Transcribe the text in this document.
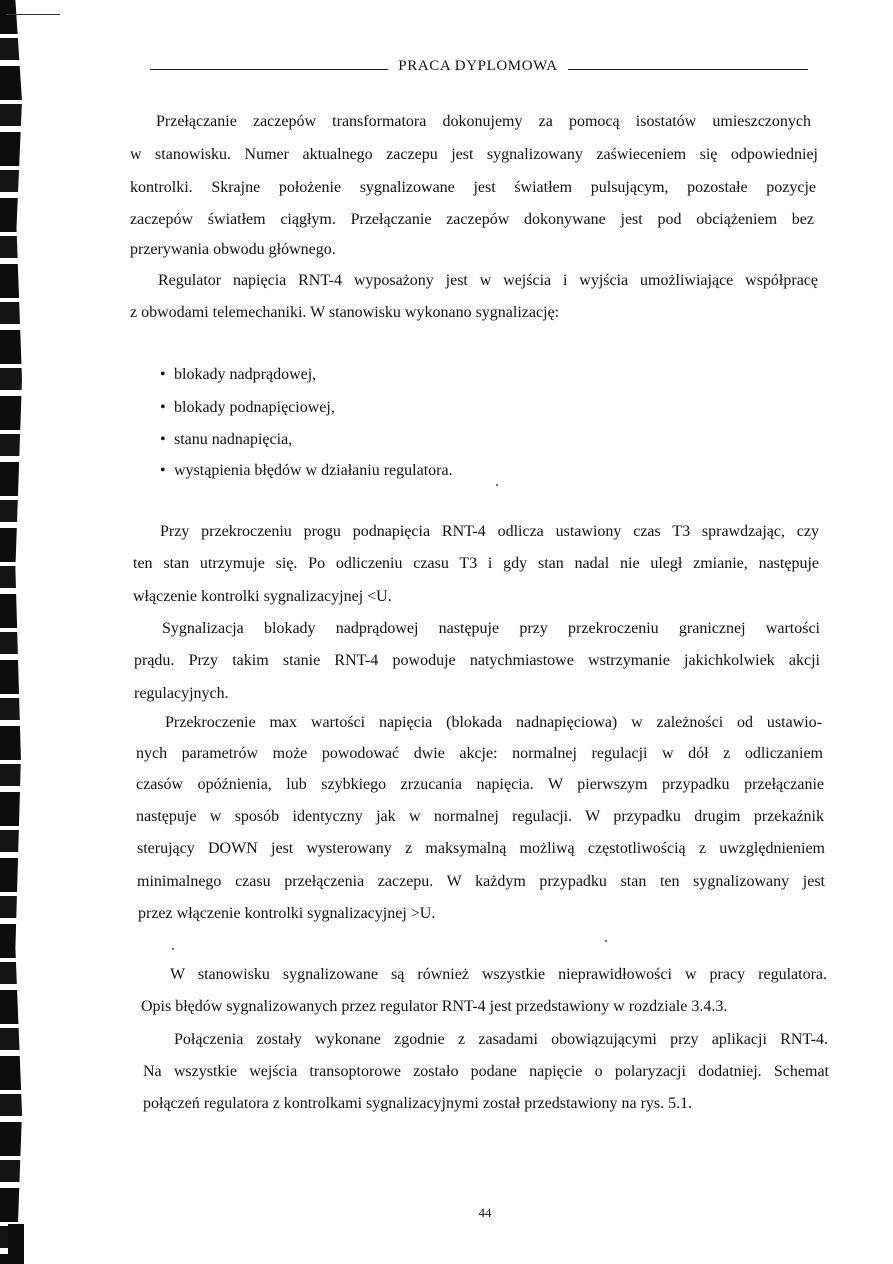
PRACA DYPLOMOWA
Przełączanie zaczepów transformatora dokonujemy za pomocą isostatów umieszczonych
w stanowisku. Numer aktualnego zaczepu jest sygnalizowany zaświeceniem się odpowiedniej
kontrolki. Skrajne położenie sygnalizowane jest światłem pulsującym, pozostałe pozycje
zaczepów światłem ciągłym. Przełączanie zaczepów dokonywane jest pod obciążeniem bez
przerywania obwodu głównego.
Regulator napięcia RNT-4 wyposażony jest w wejścia i wyjścia umożliwiające współpracę
z obwodami telemechaniki. W stanowisku wykonano sygnalizację:
• blokady nadprądowej,
• blokady podnapięciowej,
• stanu nadnapięcia,
• wystąpienia błędów w działaniu regulatora.
Przy przekroczeniu progu podnapięcia RNT-4 odlicza ustawiony czas T3 sprawdzając, czy
ten stan utrzymuje się. Po odliczeniu czasu T3 i gdy stan nadal nie uległ zmianie, następuje
włączenie kontrolki sygnalizacyjnej <U.
Sygnalizacja blokady nadprądowej następuje przy przekroczeniu granicznej wartości
prądu. Przy takim stanie RNT-4 powoduje natychmiastowe wstrzymanie jakichkolwiek akcji
regulacyjnych.
Przekroczenie max wartości napięcia (blokada nadnapięciowa) w zależności od ustawio-
nych parametrów może powodować dwie akcje: normalnej regulacji w dół z odliczaniem
czasów opóźnienia, lub szybkiego zrzucania napięcia. W pierwszym przypadku przełączanie
następuje w sposób identyczny jak w normalnej regulacji. W przypadku drugim przekaźnik
sterujący DOWN jest wysterowany z maksymalną możliwą częstotliwością z uwzględnieniem
minimalnego czasu przełączenia zaczepu. W każdym przypadku stan ten sygnalizowany jest
przez włączenie kontrolki sygnalizacyjnej >U.
W stanowisku sygnalizowane są również wszystkie nieprawidłowości w pracy regulatora.
Opis błędów sygnalizowanych przez regulator RNT-4 jest przedstawiony w rozdziale 3.4.3.
Połączenia zostały wykonane zgodnie z zasadami obowiązującymi przy aplikacji RNT-4.
Na wszystkie wejścia transoptorowe zostało podane napięcie o polaryzacji dodatniej. Schemat
połączeń regulatora z kontrolkami sygnalizacyjnymi został przedstawiony na rys. 5.1.
44
